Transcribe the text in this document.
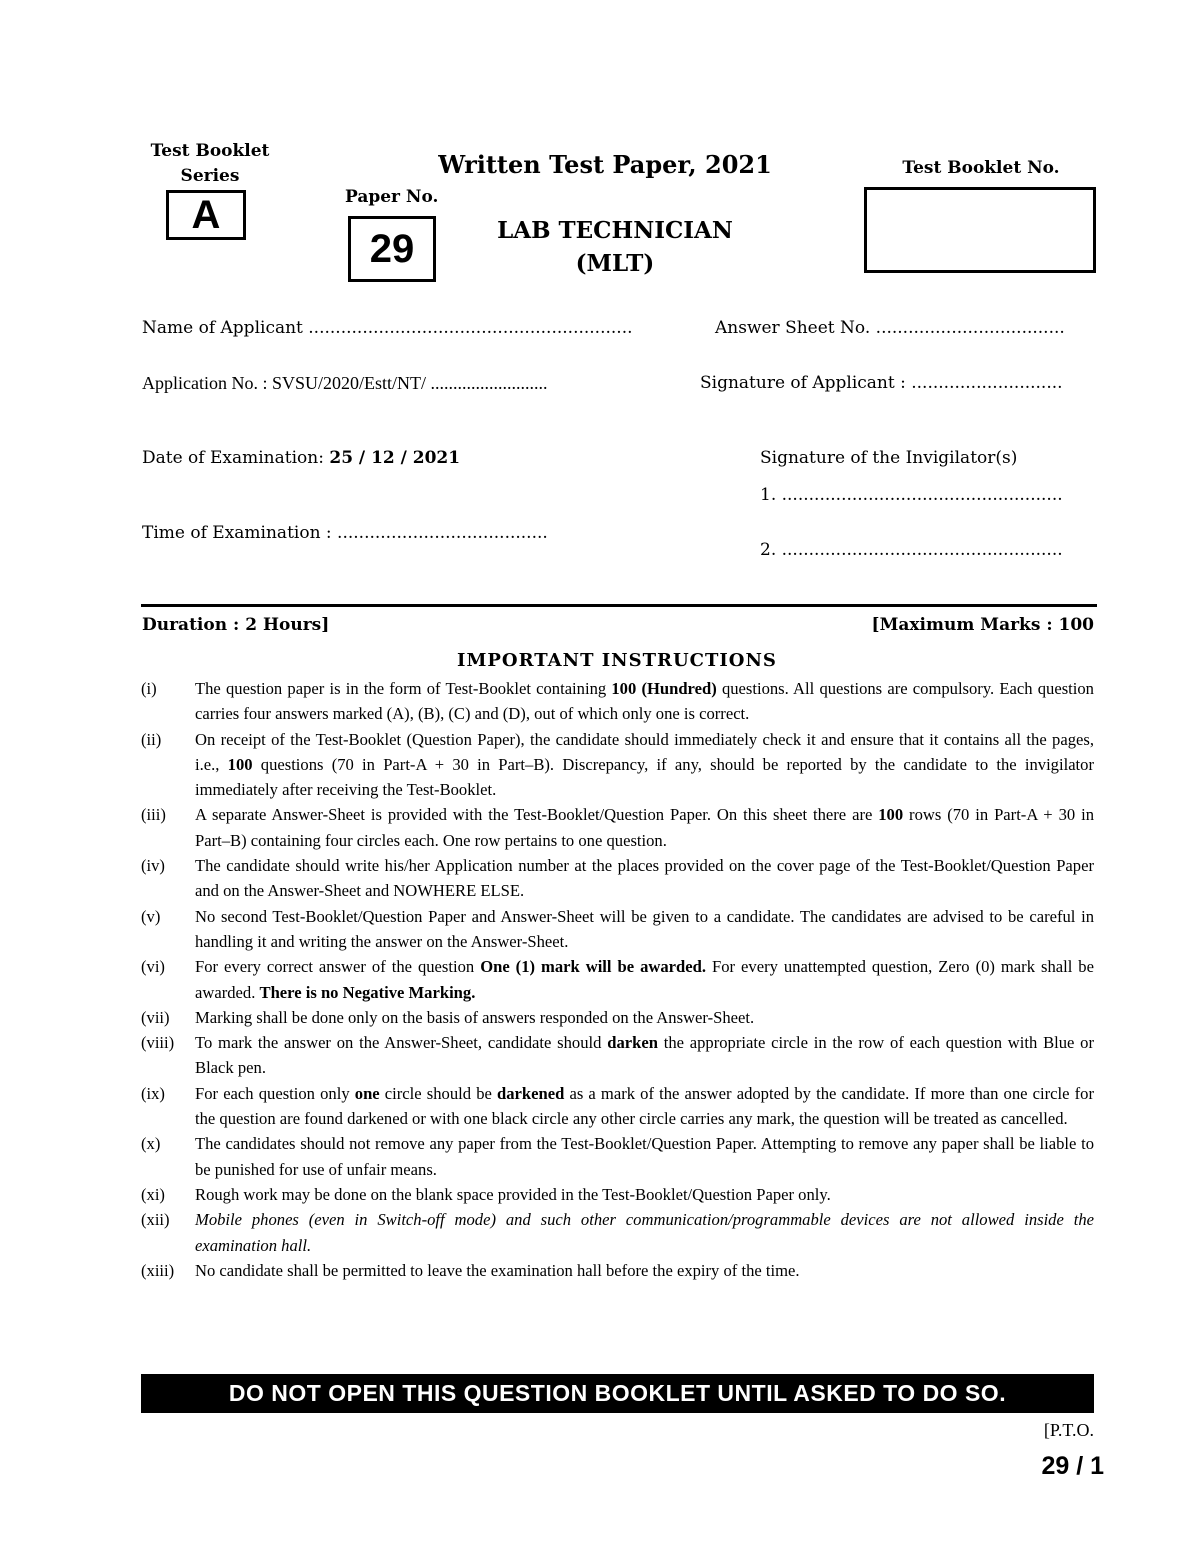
Test Booklet
Series
A	Paper No.
29
Written Test Paper, 2021
LAB TECHNICIAN
(MLT)
Test Booklet No.
Name of Applicant ............................................................	Answer Sheet No. ...................................
Application No. : SVSU/2020/Estt/NT/ ..........................	Signature of Applicant : ............................
Date of Examination: 25 / 12 / 2021	Signature of the Invigilator(s)
1. ....................................................
Time of Examination : .......................................
2. ....................................................
Duration : 2 Hours]	[Maximum Marks : 100
IMPORTANT INSTRUCTIONS
(i)	The question paper is in the form of Test-Booklet containing 100 (Hundred) questions. All questions are compulsory. Each question carries four answers marked (A), (B), (C) and (D), out of which only one is correct.
(ii)	On receipt of the Test-Booklet (Question Paper), the candidate should immediately check it and ensure that it contains all the pages, i.e., 100 questions (70 in Part-A + 30 in Part–B). Discrepancy, if any, should be reported by the candidate to the invigilator immediately after receiving the Test-Booklet.
(iii)	A separate Answer-Sheet is provided with the Test-Booklet/Question Paper. On this sheet there are 100 rows (70 in Part-A + 30 in Part–B) containing four circles each. One row pertains to one question.
(iv)	The candidate should write his/her Application number at the places provided on the cover page of the Test-Booklet/Question Paper and on the Answer-Sheet and NOWHERE ELSE.
(v)	No second Test-Booklet/Question Paper and Answer-Sheet will be given to a candidate. The candidates are advised to be careful in handling it and writing the answer on the Answer-Sheet.
(vi)	For every correct answer of the question One (1) mark will be awarded. For every unattempted question, Zero (0) mark shall be awarded. There is no Negative Marking.
(vii)	Marking shall be done only on the basis of answers responded on the Answer-Sheet.
(viii)	To mark the answer on the Answer-Sheet, candidate should darken the appropriate circle in the row of each question with Blue or Black pen.
(ix)	For each question only one circle should be darkened as a mark of the answer adopted by the candidate. If more than one circle for the question are found darkened or with one black circle any other circle carries any mark, the question will be treated as cancelled.
(x)	The candidates should not remove any paper from the Test-Booklet/Question Paper. Attempting to remove any paper shall be liable to be punished for use of unfair means.
(xi)	Rough work may be done on the blank space provided in the Test-Booklet/Question Paper only.
(xii)	Mobile phones (even in Switch-off mode) and such other communication/programmable devices are not allowed inside the examination hall.
(xiii)	No candidate shall be permitted to leave the examination hall before the expiry of the time.
DO NOT OPEN THIS QUESTION BOOKLET UNTIL ASKED TO DO SO.
[P.T.O.
29 / 1
